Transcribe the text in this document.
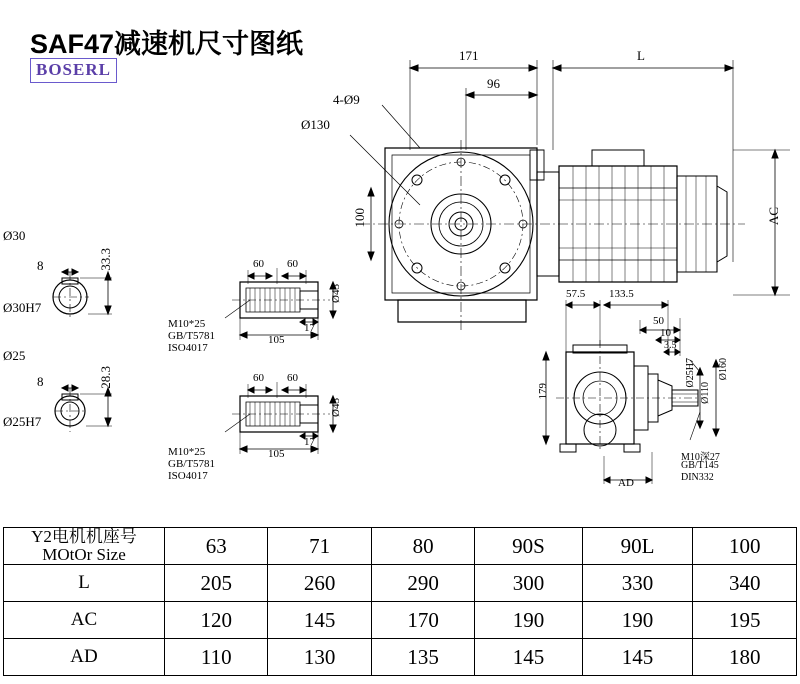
SAF47减速机尺寸图纸
BOSERL
171	L
96
4-Ø9
Ø130
100	AC
Ø30
8	33.3
Ø30H7
Ø25
8	28.3
Ø25H7
60 60
17
105
Ø45
M10*25
GB/T5781
ISO4017
60 60
17
105
Ø45
M10*25
GB/T5781
ISO4017
57.5 133.5
179
50
10
3.5
Ø25H7
Ø110
Ø160
AD
M10深27
GB/T145
DIN332
Y2电机机座号
MOtOr Size	63	71	80	90S	90L	100

L	205	260	290	300	330	340

AC	120	145	170	190	190	195

AD	110	130	135	145	145	180
